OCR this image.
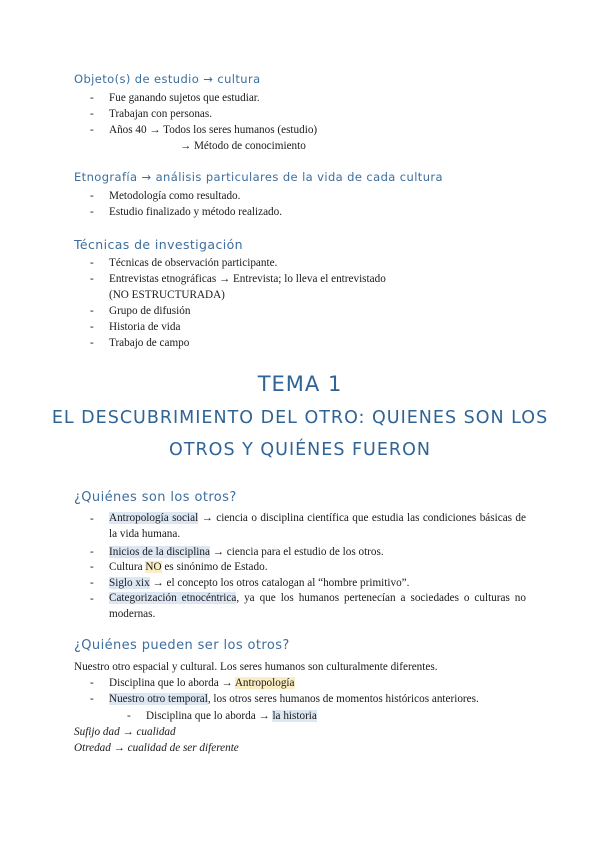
Objeto(s) de estudio → cultura
- Fue ganando sujetos que estudiar.
- Trabajan con personas.
- Años 40 → Todos los seres humanos (estudio)
→ Método de conocimiento
Etnografía → análisis particulares de la vida de cada cultura
- Metodología como resultado.
- Estudio finalizado y método realizado.
Técnicas de investigación
- Técnicas de observación participante.
- Entrevistas etnográficas → Entrevista; lo lleva el entrevistado
(NO ESTRUCTURADA)
- Grupo de difusión
- Historia de vida
- Trabajo de campo
TEMA 1
EL DESCUBRIMIENTO DEL OTRO: QUIENES SON LOS
OTROS Y QUIÉNES FUERON
¿Quiénes son los otros?
- Antropología social → ciencia o disciplina científica que estudia las condiciones básicas de la vida humana.
- Inicios de la disciplina → ciencia para el estudio de los otros.
- Cultura NO es sinónimo de Estado.
- Siglo xix → el concepto los otros catalogan al “hombre primitivo”.
- Categorización etnocéntrica, ya que los humanos pertenecían a sociedades o culturas no modernas.
¿Quiénes pueden ser los otros?
Nuestro otro espacial y cultural. Los seres humanos son culturalmente diferentes.
- Disciplina que lo aborda → Antropología
- Nuestro otro temporal, los otros seres humanos de momentos históricos anteriores.
- Disciplina que lo aborda → la historia
Sufijo dad → cualidad
Otredad → cualidad de ser diferente
